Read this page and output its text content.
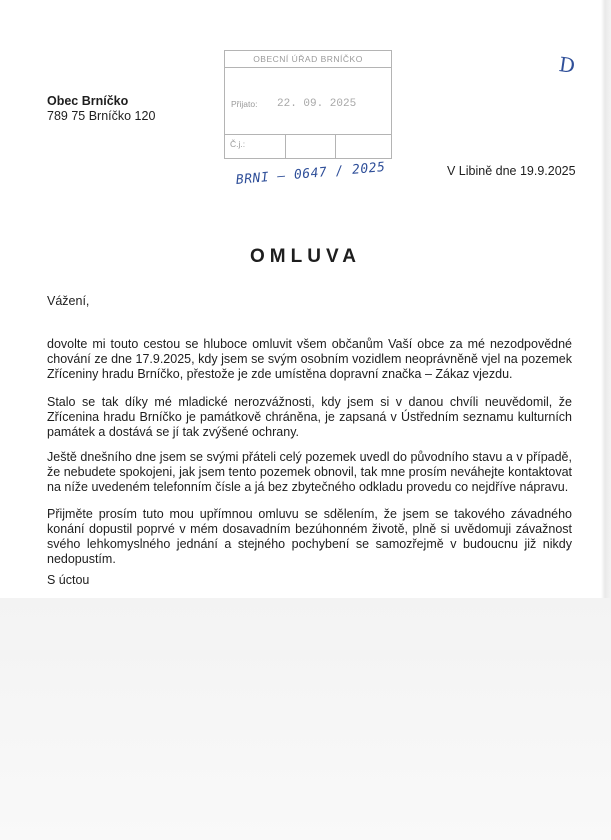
Obec Brníčko
789 75 Brníčko 120
OBECNÍ ÚŘAD BRNÍČKO
Přijato: 22. 09. 2025
Č.j.:
BRNI – 0647 / 2025
D
V Libině dne 19.9.2025
OMLUVA
Vážení,
dovolte mi touto cestou se hluboce omluvit všem občanům Vaší obce za mé nezodpovědné chování ze dne 17.9.2025, kdy jsem se svým osobním vozidlem neoprávněně vjel na pozemek Zříceniny hradu Brníčko, přestože je zde umístěna dopravní značka – Zákaz vjezdu.
Stalo se tak díky mé mladické nerozvážnosti, kdy jsem si v danou chvíli neuvědomil, že Zřícenina hradu Brníčko je památkově chráněna, je zapsaná v Ústředním seznamu kulturních památek a dostává se jí tak zvýšené ochrany.
Ještě dnešního dne jsem se svými přáteli celý pozemek uvedl do původního stavu a v případě, že nebudete spokojeni, jak jsem tento pozemek obnovil, tak mne prosím neváhejte kontaktovat na níže uvedeném telefonním čísle a já bez zbytečného odkladu provedu co nejdříve nápravu.
Přijměte prosím tuto mou upřímnou omluvu se sdělením, že jsem se takového závadného konání dopustil poprvé v mém dosavadním bezúhonném životě, plně si uvědomuji závažnost svého lehkomyslného jednání a stejného pochybení se samozřejmě v budoucnu již nikdy nedopustím.
S úctou
